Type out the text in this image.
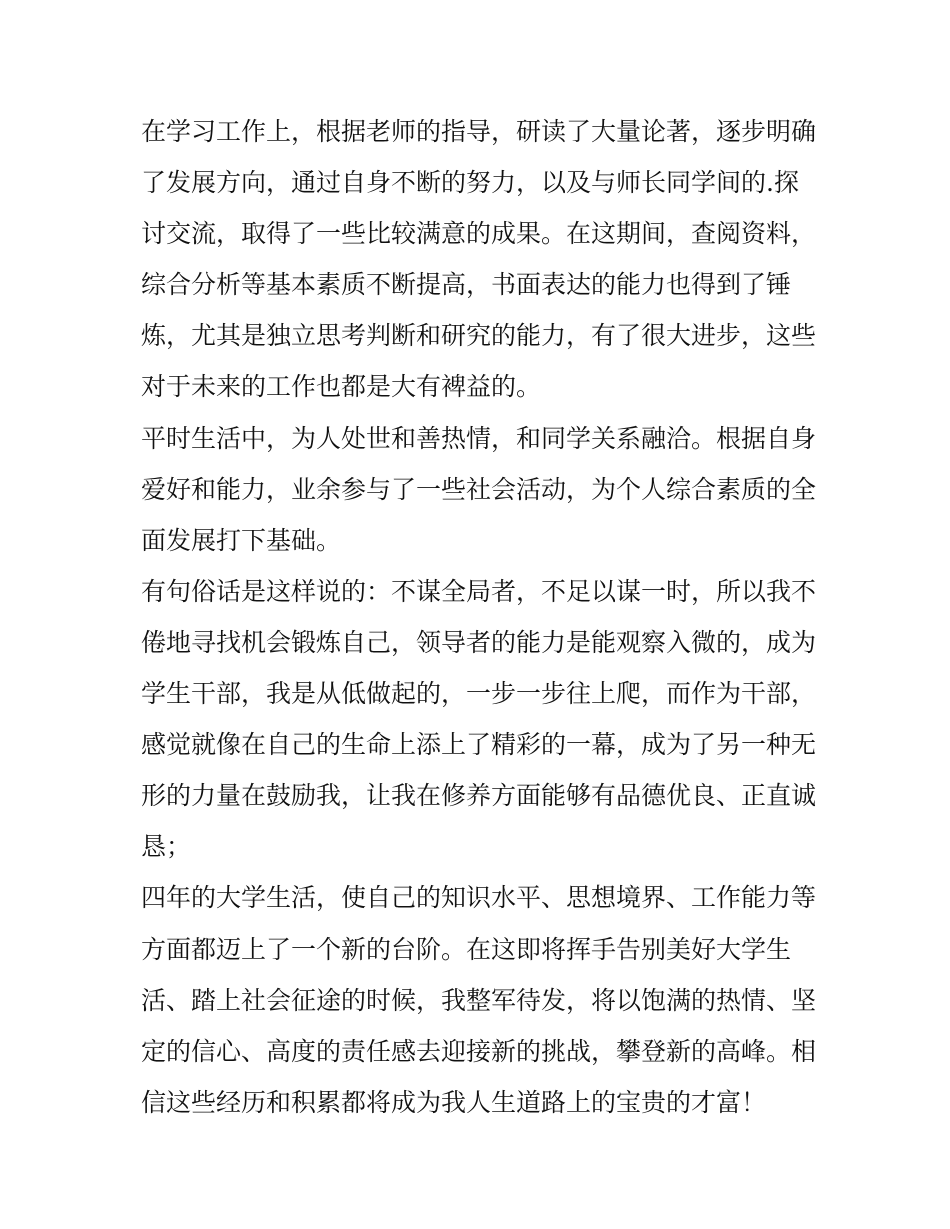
在学习工作上，根据老师的指导，研读了大量论著，逐步明确

了发展方向，通过自身不断的努力，以及与师长同学间的.探

讨交流，取得了一些比较满意的成果。在这期间，查阅资料，

综合分析等基本素质不断提高，书面表达的能力也得到了锤

炼，尤其是独立思考判断和研究的能力，有了很大进步，这些

对于未来的工作也都是大有裨益的。

平时生活中，为人处世和善热情，和同学关系融洽。根据自身

爱好和能力，业余参与了一些社会活动，为个人综合素质的全

面发展打下基础。

有句俗话是这样说的：不谋全局者，不足以谋一时，所以我不

倦地寻找机会锻炼自己，领导者的能力是能观察入微的，成为

学生干部，我是从低做起的，一步一步往上爬，而作为干部，

感觉就像在自己的生命上添上了精彩的一幕，成为了另一种无

形的力量在鼓励我，让我在修养方面能够有品德优良、正直诚

恳；

四年的大学生活，使自己的知识水平、思想境界、工作能力等

方面都迈上了一个新的台阶。在这即将挥手告别美好大学生

活、踏上社会征途的时候，我整军待发，将以饱满的热情、坚

定的信心、高度的责任感去迎接新的挑战，攀登新的高峰。相

信这些经历和积累都将成为我人生道路上的宝贵的才富！
